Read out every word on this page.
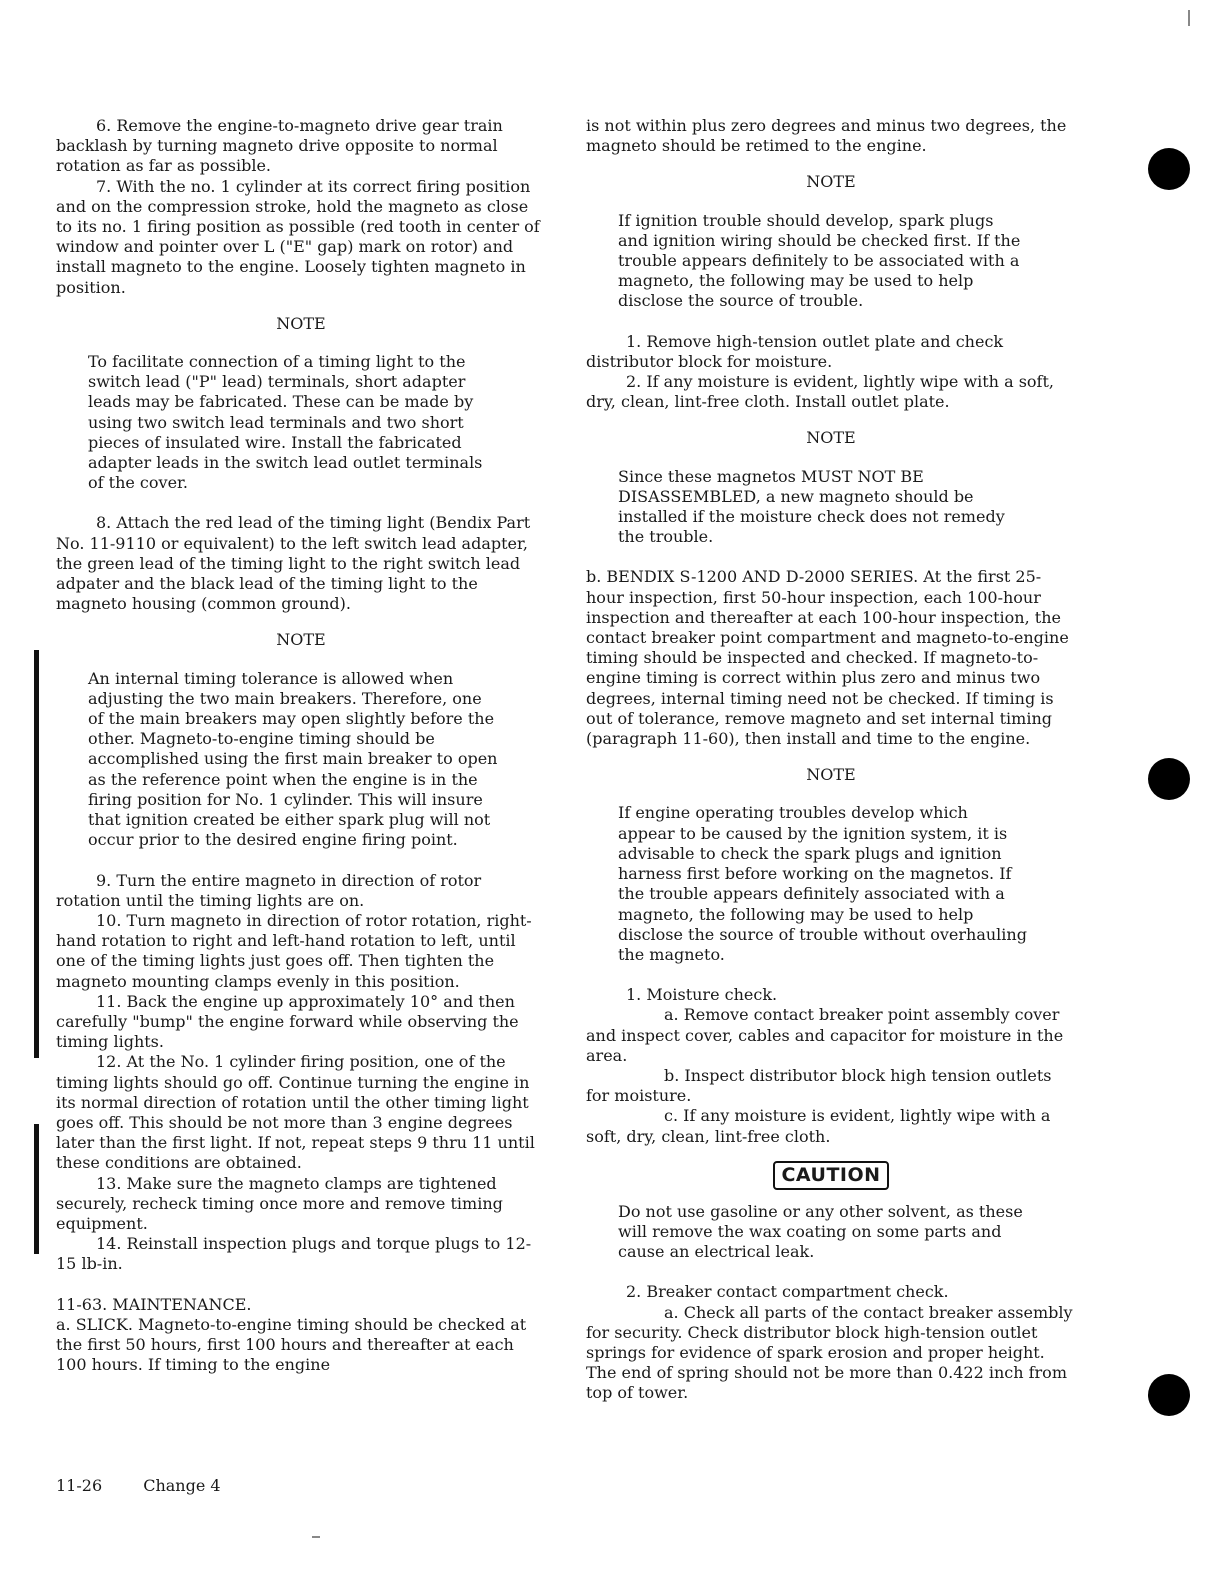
6. Remove the engine-to-magneto drive gear train backlash by turning magneto drive opposite to normal rotation as far as possible.

7. With the no. 1 cylinder at its correct firing position and on the compression stroke, hold the magneto as close to its no. 1 firing position as possible (red tooth in center of window and pointer over L ("E" gap) mark on rotor) and install magneto to the engine. Loosely tighten magneto in position.

NOTE

To facilitate connection of a timing light to the switch lead ("P" lead) terminals, short adapter leads may be fabricated. These can be made by using two switch lead terminals and two short pieces of insulated wire. Install the fabricated adapter leads in the switch lead outlet terminals of the cover.

8. Attach the red lead of the timing light (Bendix Part No. 11-9110 or equivalent) to the left switch lead adapter, the green lead of the timing light to the right switch lead adpater and the black lead of the timing light to the magneto housing (common ground).

NOTE

An internal timing tolerance is allowed when adjusting the two main breakers. Therefore, one of the main breakers may open slightly before the other. Magneto-to-engine timing should be accomplished using the first main breaker to open as the reference point when the engine is in the firing position for No. 1 cylinder. This will insure that ignition created be either spark plug will not occur prior to the desired engine firing point.

9. Turn the entire magneto in direction of rotor rotation until the timing lights are on.

10. Turn magneto in direction of rotor rotation, right-hand rotation to right and left-hand rotation to left, until one of the timing lights just goes off. Then tighten the magneto mounting clamps evenly in this position.

11. Back the engine up approximately 10° and then carefully "bump" the engine forward while observing the timing lights.

12. At the No. 1 cylinder firing position, one of the timing lights should go off. Continue turning the engine in its normal direction of rotation until the other timing light goes off. This should be not more than 3 engine degrees later than the first light. If not, repeat steps 9 thru 11 until these conditions are obtained.

13. Make sure the magneto clamps are tightened securely, recheck timing once more and remove timing equipment.

14. Reinstall inspection plugs and torque plugs to 12-15 lb-in.

11-63. MAINTENANCE.

a. SLICK. Magneto-to-engine timing should be checked at the first 50 hours, first 100 hours and thereafter at each 100 hours. If timing to the engine

is not within plus zero degrees and minus two degrees, the magneto should be retimed to the engine.

NOTE

If ignition trouble should develop, spark plugs and ignition wiring should be checked first. If the trouble appears definitely to be associated with a magneto, the following may be used to help disclose the source of trouble.

1. Remove high-tension outlet plate and check distributor block for moisture.

2. If any moisture is evident, lightly wipe with a soft, dry, clean, lint-free cloth. Install outlet plate.

NOTE

Since these magnetos MUST NOT BE DISASSEMBLED, a new magneto should be installed if the moisture check does not remedy the trouble.

b. BENDIX S-1200 AND D-2000 SERIES. At the first 25-hour inspection, first 50-hour inspection, each 100-hour inspection and thereafter at each 100-hour inspection, the contact breaker point compartment and magneto-to-engine timing should be inspected and checked. If magneto-to-engine timing is correct within plus zero and minus two degrees, internal timing need not be checked. If timing is out of tolerance, remove magneto and set internal timing (paragraph 11-60), then install and time to the engine.

NOTE

If engine operating troubles develop which appear to be caused by the ignition system, it is advisable to check the spark plugs and ignition harness first before working on the magnetos. If the trouble appears definitely associated with a magneto, the following may be used to help disclose the source of trouble without overhauling the magneto.

1. Moisture check.

a. Remove contact breaker point assembly cover and inspect cover, cables and capacitor for moisture in the area.

b. Inspect distributor block high tension outlets for moisture.

c. If any moisture is evident, lightly wipe with a soft, dry, clean, lint-free cloth.

CAUTION

Do not use gasoline or any other solvent, as these will remove the wax coating on some parts and cause an electrical leak.

2. Breaker contact compartment check.

a. Check all parts of the contact breaker assembly for security. Check distributor block high-tension outlet springs for evidence of spark erosion and proper height. The end of spring should not be more than 0.422 inch from top of tower.

11-26	Change 4
